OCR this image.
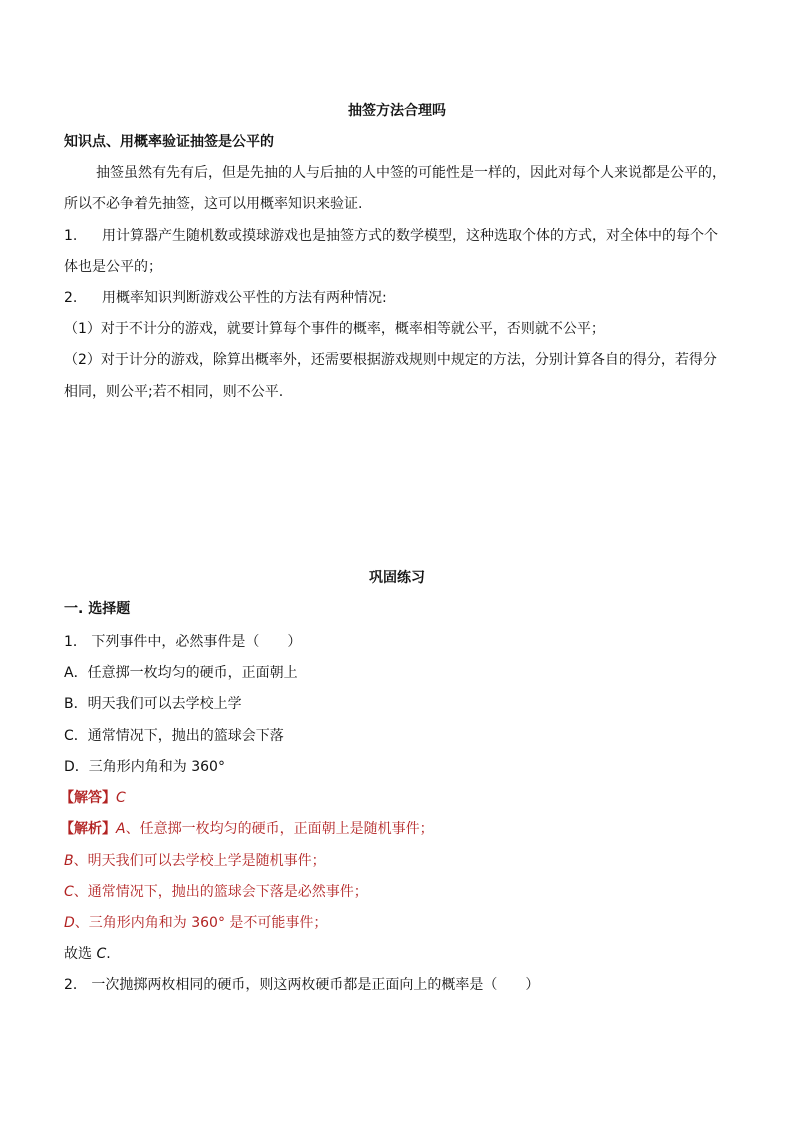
抽签方法合理吗
知识点、用概率验证抽签是公平的
抽签虽然有先有后，但是先抽的人与后抽的人中签的可能性是一样的，因此对每个人来说都是公平的，
所以不必争着先抽签，这可以用概率知识来验证.
1. 用计算器产生随机数或摸球游戏也是抽签方式的数学模型，这种选取个体的方式，对全体中的每个个
体也是公平的；
2. 用概率知识判断游戏公平性的方法有两种情况:
（1）对于不计分的游戏，就要计算每个事件的概率，概率相等就公平，否则就不公平；
（2）对于计分的游戏，除算出概率外，还需要根据游戏规则中规定的方法，分别计算各自的得分，若得分
相同，则公平;若不相同，则不公平.
巩固练习
一. 选择题
1． 下列事件中，必然事件是（　　）
A．任意掷一枚均匀的硬币，正面朝上
B．明天我们可以去学校上学
C．通常情况下，抛出的篮球会下落
D．三角形内角和为 360°
【解答】C
【解析】A、任意掷一枚均匀的硬币，正面朝上是随机事件；
B、明天我们可以去学校上学是随机事件；
C、通常情况下，抛出的篮球会下落是必然事件；
D、三角形内角和为 360° 是不可能事件；
故选 C.
2． 一次抛掷两枚相同的硬币，则这两枚硬币都是正面向上的概率是（　　）
